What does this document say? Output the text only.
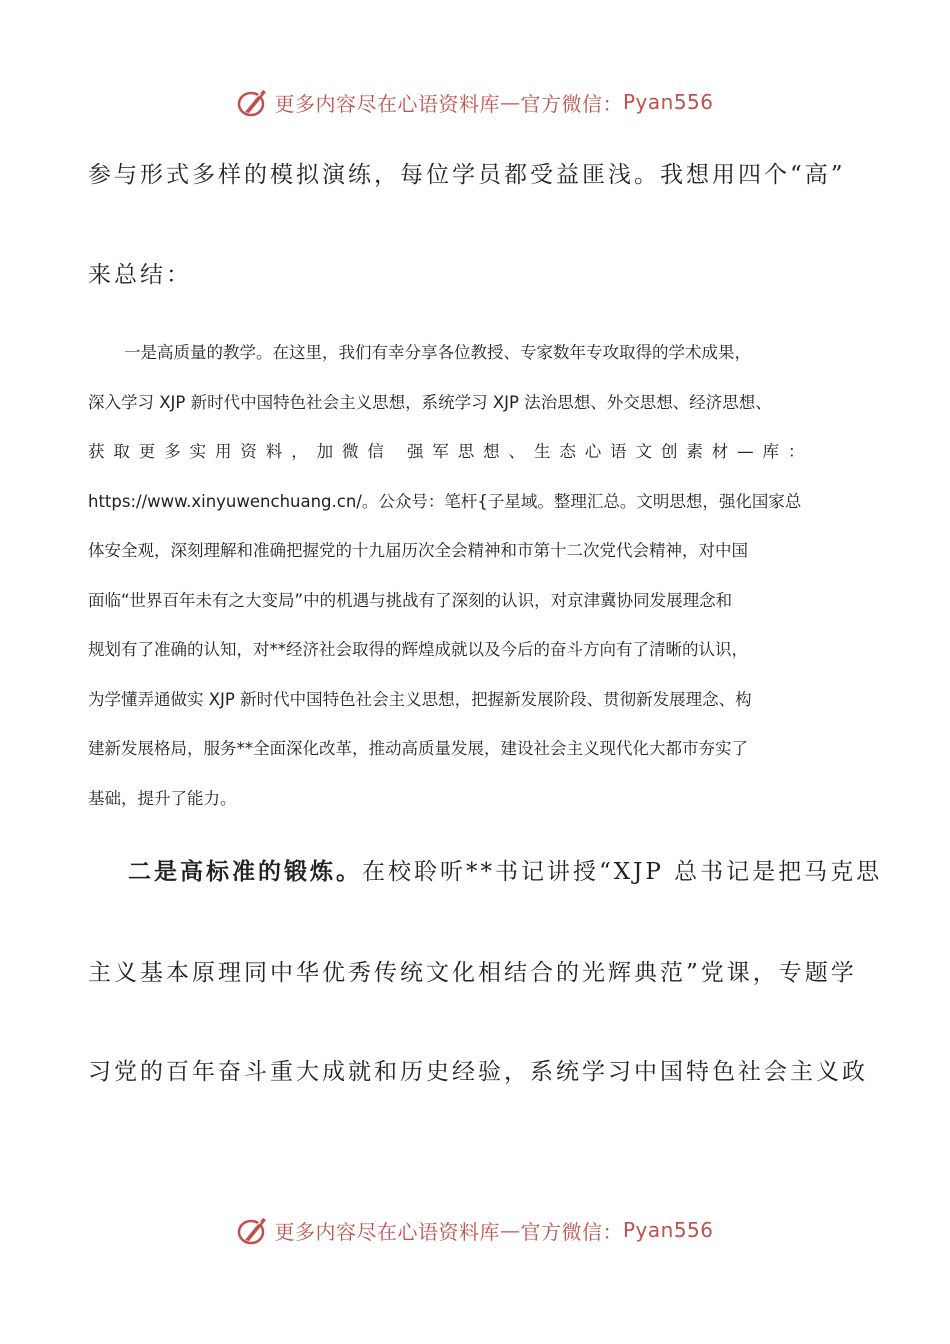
更多内容尽在心语资料库 — 官方微信： Pyan556
参与形式多样的模拟演练，每位学员都受益匪浅。我想用四个“高”
来总结：
一是高质量的教学。在这里，我们有幸分享各位教授、专家数年专攻取得的学术成果，
深入学习 XJP 新时代中国特色社会主义思想，系统学习 XJP 法治思想、外交思想、经济思想、
获取更多实用资料，加微信 强军思想、生态心语文创素材—库：
https://www.xinyuwenchuang.cn/。公众号：笔杆{子星域。整理汇总。文明思想，强化国家总
体安全观，深刻理解和准确把握党的十九届历次全会精神和市第十二次党代会精神，对中国
面临“世界百年未有之大变局”中的机遇与挑战有了深刻的认识，对京津冀协同发展理念和
规划有了准确的认知，对**经济社会取得的辉煌成就以及今后的奋斗方向有了清晰的认识，
为学懂弄通做实 XJP 新时代中国特色社会主义思想，把握新发展阶段、贯彻新发展理念、构
建新发展格局，服务**全面深化改革，推动高质量发展，建设社会主义现代化大都市夯实了
基础，提升了能力。
二是高标准的锻炼。在校聆听**书记讲授“XJP 总书记是把马克思
主义基本原理同中华优秀传统文化相结合的光辉典范”党课，专题学
习党的百年奋斗重大成就和历史经验，系统学习中国特色社会主义政
更多内容尽在心语资料库 — 官方微信： Pyan556
